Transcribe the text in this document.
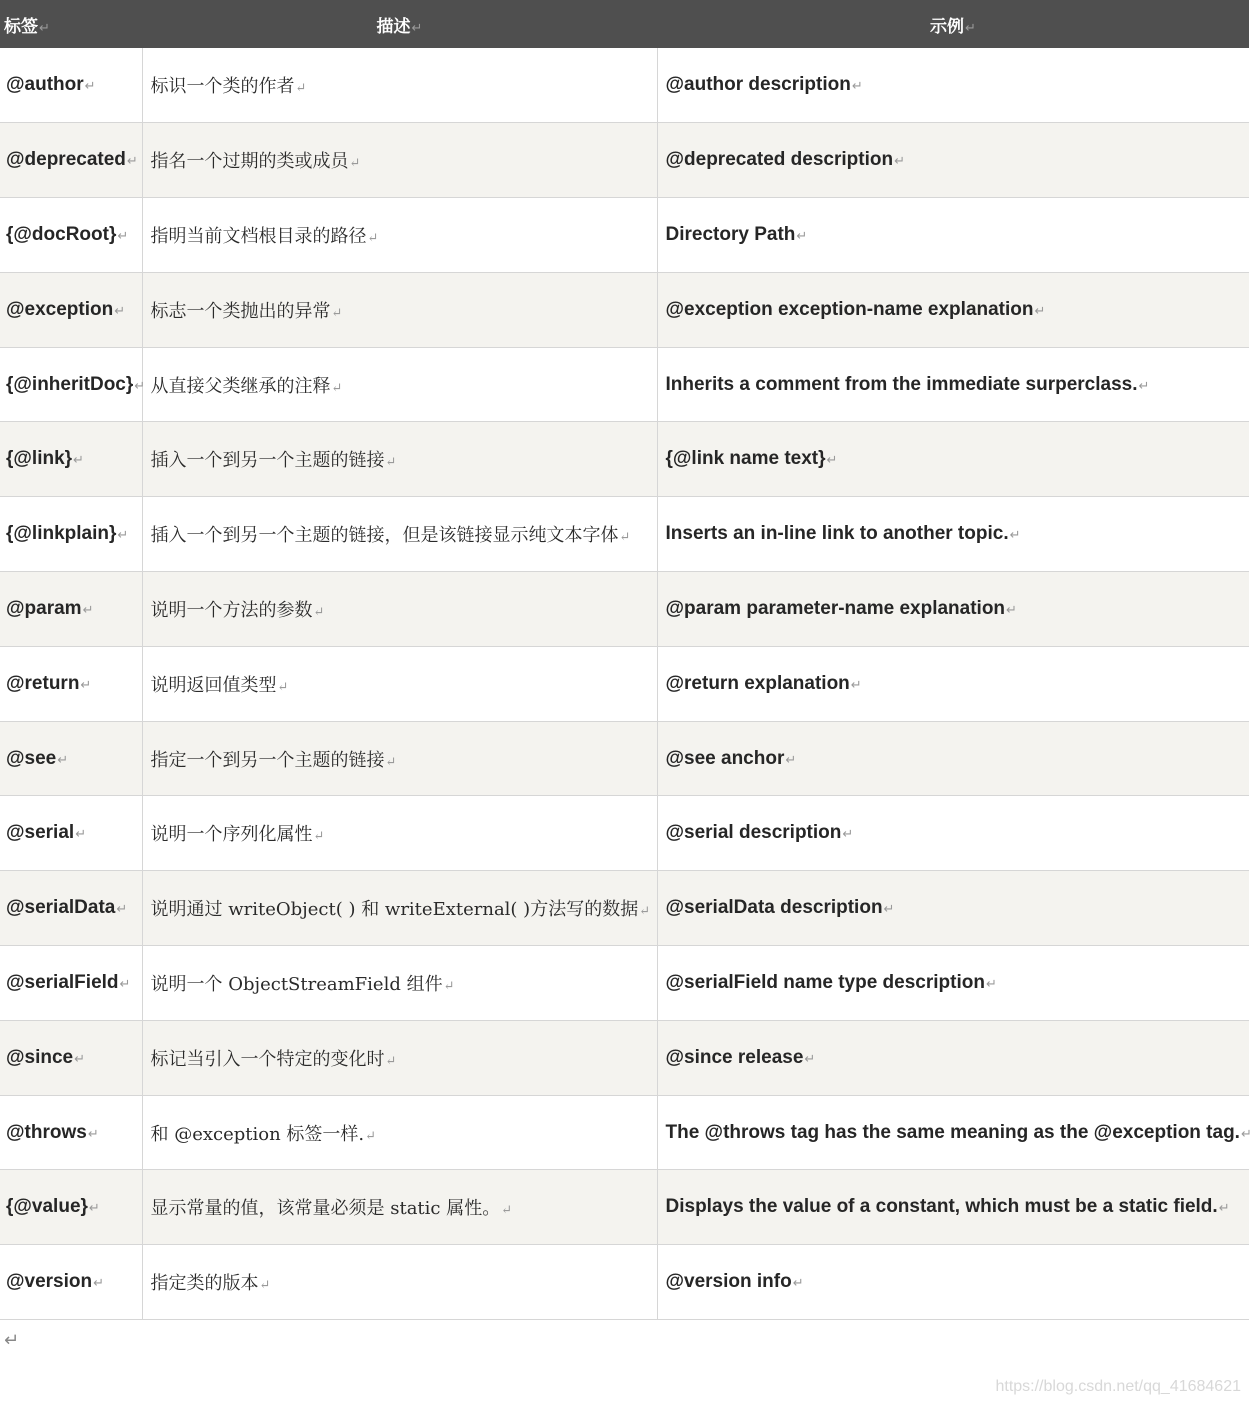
标签↵	描述↵	示例↵
@author↵	标识一个类的作者↵	@author description↵
@deprecated↵	指名一个过期的类或成员↵	@deprecated description↵
{@docRoot}↵	指明当前文档根目录的路径↵	Directory Path↵
@exception↵	标志一个类抛出的异常↵	@exception exception-name explanation↵
{@inheritDoc}↵	从直接父类继承的注释↵	Inherits a comment from the immediate surperclass.↵
{@link}↵	插入一个到另一个主题的链接↵	{@link name text}↵
{@linkplain}↵	插入一个到另一个主题的链接，但是该链接显示纯文本字体↵	Inserts an in-line link to another topic.↵
@param↵	说明一个方法的参数↵	@param parameter-name explanation↵
@return↵	说明返回值类型↵	@return explanation↵
@see↵	指定一个到另一个主题的链接↵	@see anchor↵
@serial↵	说明一个序列化属性↵	@serial description↵
@serialData↵	说明通过 writeObject( ) 和 writeExternal( )方法写的数据↵	@serialData description↵
@serialField↵	说明一个 ObjectStreamField 组件↵	@serialField name type description↵
@since↵	标记当引入一个特定的变化时↵	@since release↵
@throws↵	和 @exception 标签一样.↵	The @throws tag has the same meaning as the @exception tag.↵
{@value}↵	显示常量的值，该常量必须是 static 属性。↵	Displays the value of a constant, which must be a static field.↵
@version↵	指定类的版本↵	@version info↵
↵
https://blog.csdn.net/qq_41684621
